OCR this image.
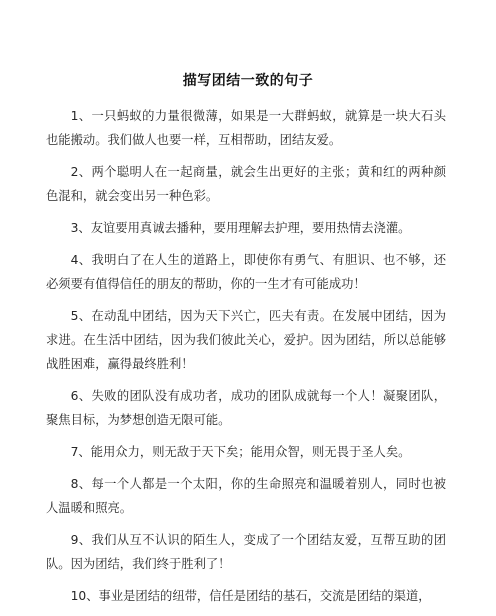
描写团结一致的句子

1、一只蚂蚁的力量很微薄，如果是一大群蚂蚁，就算是一块大石头也能搬动。我们做人也要一样，互相帮助，团结友爱。

2、两个聪明人在一起商量，就会生出更好的主张；黄和红的两种颜色混和，就会变出另一种色彩。

3、友谊要用真诚去播种，要用理解去护理，要用热情去浇灌。

4、我明白了在人生的道路上，即使你有勇气、有胆识、也不够，还必须要有值得信任的朋友的帮助，你的一生才有可能成功！

5、在动乱中团结，因为天下兴亡，匹夫有责。在发展中团结，因为求进。在生活中团结，因为我们彼此关心，爱护。因为团结，所以总能够战胜困难，赢得最终胜利！

6、失败的团队没有成功者，成功的团队成就每一个人！凝聚团队，聚焦目标，为梦想创造无限可能。

7、能用众力，则无敌于天下矣；能用众智，则无畏于圣人矣。

8、每一个人都是一个太阳，你的生命照亮和温暖着别人，同时也被人温暖和照亮。

9、我们从互不认识的陌生人，变成了一个团结友爱，互帮互助的团队。因为团结，我们终于胜利了！

10、事业是团结的纽带，信任是团结的基石，交流是团结的渠道，
